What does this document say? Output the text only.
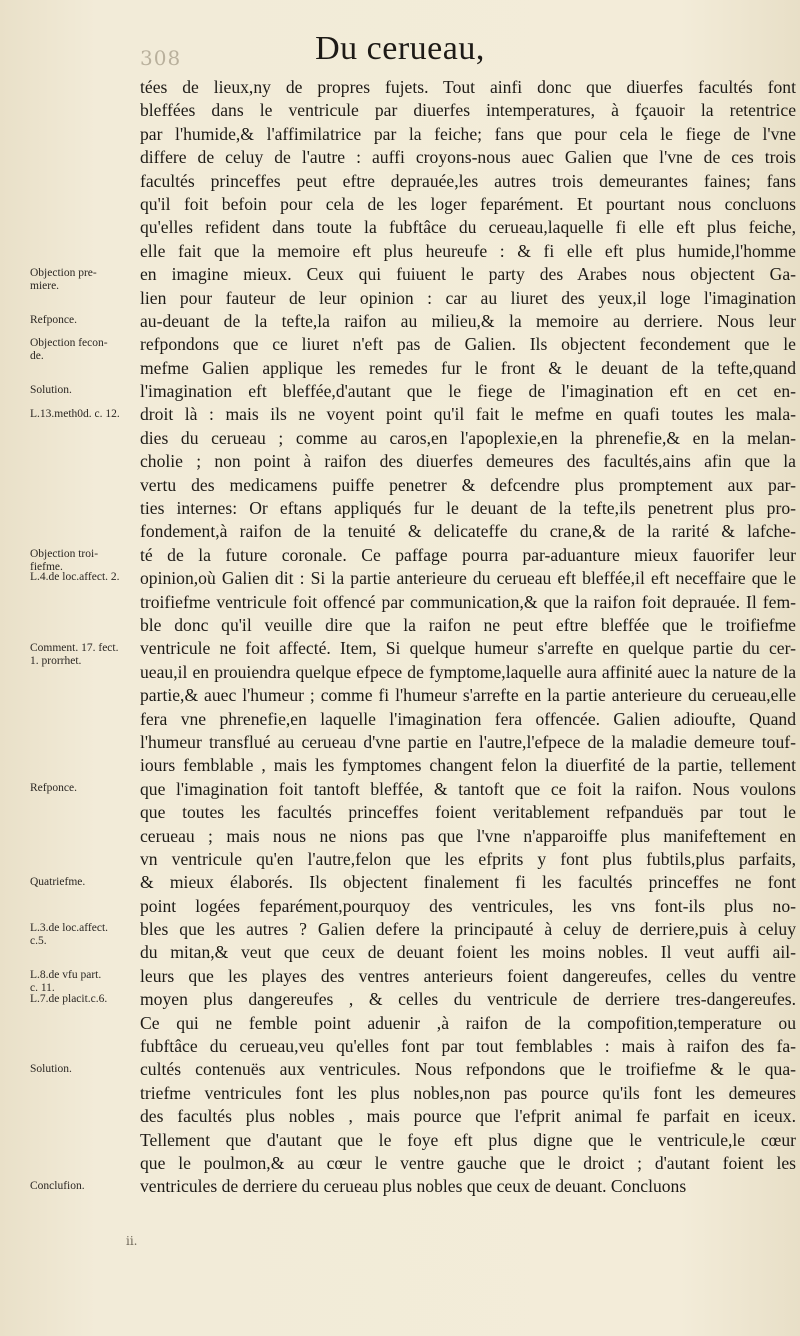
308	Du cerueau,
tées de lieux,ny de propres fujets. Tout ainfi donc que diuerfes facultés font
bleffées dans le ventricule par diuerfes intemperatures, à fçauoir la retentrice
par l'humide,& l'affimilatrice par la feiche; fans que pour cela le fiege de l'vne
differe de celuy de l'autre : auffi croyons-nous auec Galien que l'vne de ces trois
facultés princeffes peut eftre deprauée,les autres trois demeurantes faines; fans
qu'il foit befoin pour cela de les loger feparément. Et pourtant nous concluons
qu'elles refident dans toute la fubftâce du cerueau,laquelle fi elle eft plus feiche,
elle fait que la memoire eft plus heureufe : & fi elle eft plus humide,l'homme
en imagine mieux. Ceux qui fuiuent le party des Arabes nous objectent Ga-
lien pour fauteur de leur opinion : car au liuret des yeux,il loge l'imagination
au-deuant de la tefte,la raifon au milieu,& la memoire au derriere. Nous leur
refpondons que ce liuret n'eft pas de Galien. Ils objectent fecondement que le
mefme Galien applique les remedes fur le front & le deuant de la tefte,quand
l'imagination eft bleffée,d'autant que le fiege de l'imagination eft en cet en-
droit là : mais ils ne voyent point qu'il fait le mefme en quafi toutes les mala-
dies du cerueau ; comme au caros,en l'apoplexie,en la phrenefie,& en la melan-
cholie ; non point à raifon des diuerfes demeures des facultés,ains afin que la
vertu des medicamens puiffe penetrer & defcendre plus promptement aux par-
ties internes: Or eftans appliqués fur le deuant de la tefte,ils penetrent plus pro-
fondement,à raifon de la tenuité & delicateffe du crane,& de la rarité & lafche-
té de la future coronale. Ce paffage pourra par-aduanture mieux fauorifer leur
opinion,où Galien dit : Si la partie anterieure du cerueau eft bleffée,il eft neceffaire que le
troifiefme ventricule foit offencé par communication,& que la raifon foit deprauée. Il fem-
ble donc qu'il veuille dire que la raifon ne peut eftre bleffée que le troifiefme
ventricule ne foit affecté. Item, Si quelque humeur s'arrefte en quelque partie du cer-
ueau,il en prouiendra quelque efpece de fymptome,laquelle aura affinité auec la nature de la
partie,& auec l'humeur ; comme fi l'humeur s'arrefte en la partie anterieure du cerueau,elle
fera vne phrenefie,en laquelle l'imagination fera offencée. Galien adioufte, Quand
l'humeur transflué au cerueau d'vne partie en l'autre,l'efpece de la maladie demeure touf-
iours femblable , mais les fymptomes changent felon la diuerfité de la partie, tellement
que l'imagination foit tantoft bleffée, & tantoft que ce foit la raifon. Nous voulons
que toutes les facultés princeffes foient veritablement refpanduës par tout le
cerueau ; mais nous ne nions pas que l'vne n'apparoiffe plus manifeftement en
vn ventricule qu'en l'autre,felon que les efprits y font plus fubtils,plus parfaits,
& mieux élaborés. Ils objectent finalement fi les facultés princeffes ne font
point logées feparément,pourquoy des ventricules, les vns font-ils plus no-
bles que les autres ? Galien defere la principauté à celuy de derriere,puis à celuy
du mitan,& veut que ceux de deuant foient les moins nobles. Il veut auffi ail-
leurs que les playes des ventres anterieurs foient dangereufes, celles du ventre
moyen plus dangereufes , & celles du ventricule de derriere tres-dangereufes.
Ce qui ne femble point aduenir ,à raifon de la compofition,temperature ou
fubftâce du cerueau,veu qu'elles font par tout femblables : mais à raifon des fa-
cultés contenuës aux ventricules. Nous refpondons que le troifiefme & le qua-
triefme ventricules font les plus nobles,non pas pource qu'ils font les demeures
des facultés plus nobles , mais pource que l'efprit animal fe parfait en iceux.
Tellement que d'autant que le foye eft plus digne que le ventricule,le cœur
que le poulmon,& au cœur le ventre gauche que le droict ; d'autant foient les
ventricules de derriere du cerueau plus nobles que ceux de deuant. Concluons
Objection pre-
miere.
Refponce.
Objection fecon-
de.
Solution.
L.13.meth0d. c. 12.
Objection troi-
fiefme.
L.4.de loc.affect. 2.
Comment. 17. fect.
1. prorrhet.
Refponce.
Quatriefme.
L.3.de loc.affect.
c.5.
L.8.de vfu part.
c. 11.
L.7.de placit.c.6.
Solution.
Conclufion.
ii.
